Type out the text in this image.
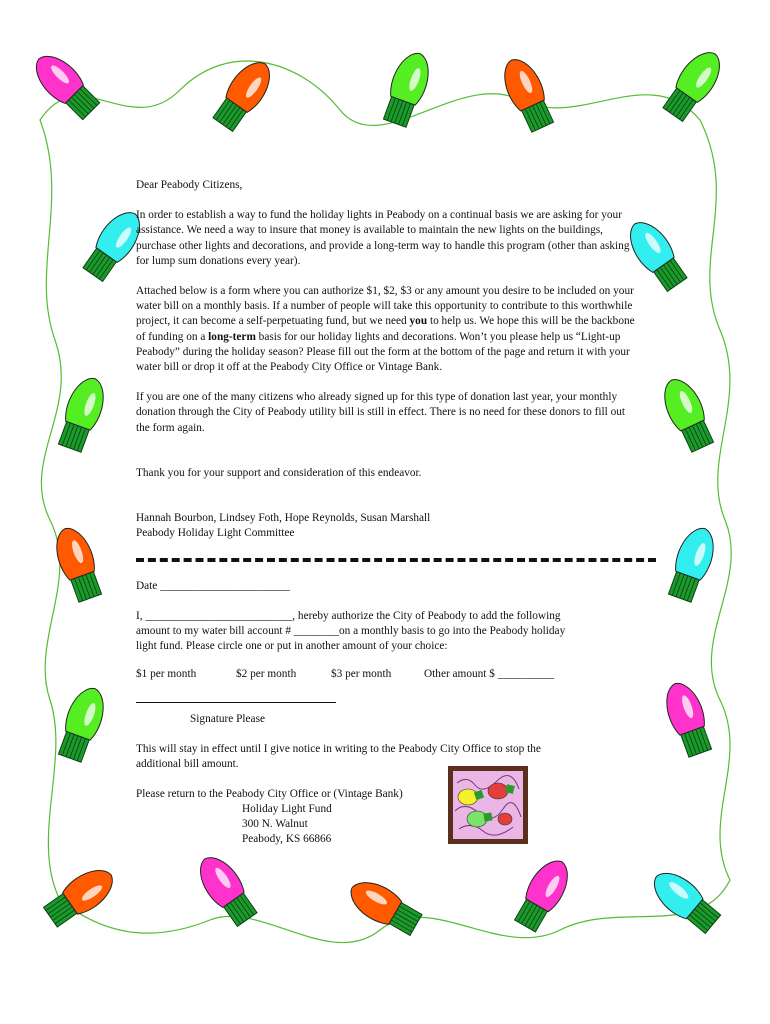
Dear Peabody Citizens,

In order to establish a way to fund the holiday lights in Peabody on a continual basis we are asking for your assistance. We need a way to insure that money is available to maintain the new lights on the buildings, purchase other lights and decorations, and provide a long-term way to handle this program (other than asking for lump sum donations every year).

Attached below is a form where you can authorize $1, $2, $3 or any amount you desire to be included on your water bill on a monthly basis. If a number of people will take this opportunity to contribute to this worthwhile project, it can become a self-perpetuating fund, but we need you to help us. We hope this will be the backbone of funding on a long-term basis for our holiday lights and decorations. Won’t you please help us “Light-up Peabody” during the holiday season? Please fill out the form at the bottom of the page and return it with your water bill or drop it off at the Peabody City Office or Vintage Bank.

If you are one of the many citizens who already signed up for this type of donation last year, your monthly donation through the City of Peabody utility bill is still in effect. There is no need for these donors to fill out the form again.

Thank you for your support and consideration of this endeavor.

Hannah Bourbon, Lindsey Foth, Hope Reynolds, Susan Marshall

Peabody Holiday Light Committee

Date _______________________
I, __________________________, hereby authorize the City of Peabody to add the following
amount to my water bill account # ________on a monthly basis to go into the Peabody holiday
light fund. Please circle one or put in another amount of your choice:
$1 per month	$2 per month	$3 per month	Other amount $ __________
Signature Please
This will stay in effect until I give notice in writing to the Peabody City Office to stop the
additional bill amount.
Please return to the Peabody City Office or (Vintage Bank)
Holiday Light Fund
300 N. Walnut
Peabody, KS 66866
